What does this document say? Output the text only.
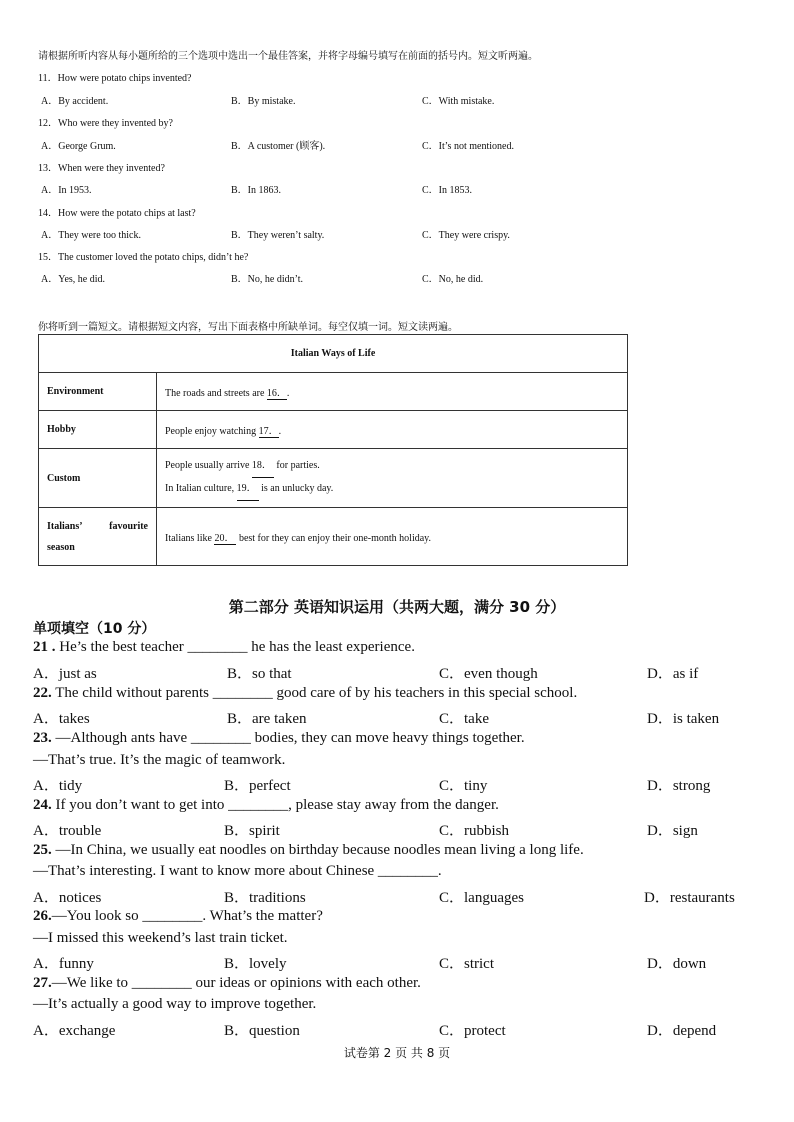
请根据所听内容从每小题所给的三个选项中选出一个最佳答案，并将字母编号填写在前面的括号内。短文听两遍。
11．How were potato chips invented?
A．By accident.	B．By mistake.	C．With mistake.
12．Who were they invented by?
A．George Grum.	B．A customer (顾客).	C．It’s not mentioned.
13．When were they invented?
A．In 1953.	B．In 1863.	C．In 1853.
14．How were the potato chips at last?
A．They were too thick.	B．They weren’t salty.	C．They were crispy.
15．The customer loved the potato chips, didn’t he?
A．Yes, he did.	B．No, he didn’t.	C．No, he did.
你将听到一篇短文。请根据短文内容，写出下面表格中所缺单词。每空仅填一词。短文读两遍。
Italian Ways of Life	
Environment	The roads and streets are 16．.
Hobby	People enjoy watching 17．.
Custom	People usually arrive 18． for parties.
In Italian culture, 19． is an unlucky day.

Italians’ favourite
season	Italians like 20． best for they can enjoy their one-month holiday.
第二部分 英语知识运用（共两大题，满分 30 分）
单项填空（10 分）
21 . He’s the best teacher ________ he has the least experience.
A．just as	B．so that	C．even though	D．as if
22. The child without parents ________ good care of by his teachers in this special school.
A．takes	B．are taken	C．take	D．is taken
23. —Although ants have ________ bodies, they can move heavy things together.
—That’s true. It’s the magic of teamwork.
A．tidy	B．perfect	C．tiny	D．strong
24. If you don’t want to get into ________, please stay away from the danger.
A．trouble	B．spirit	C．rubbish	D．sign
25. —In China, we usually eat noodles on birthday because noodles mean living a long life.
—That’s interesting. I want to know more about Chinese ________.
A．notices	B．traditions	C．languages	D．restaurants
26.—You look so ________. What’s the matter?
—I missed this weekend’s last train ticket.
A．funny	B．lovely	C．strict	D．down
27.—We like to ________ our ideas or opinions with each other.
—It’s actually a good way to improve together.
A．exchange	B．question	C．protect	D．depend
试卷第 2 页 共 8 页
